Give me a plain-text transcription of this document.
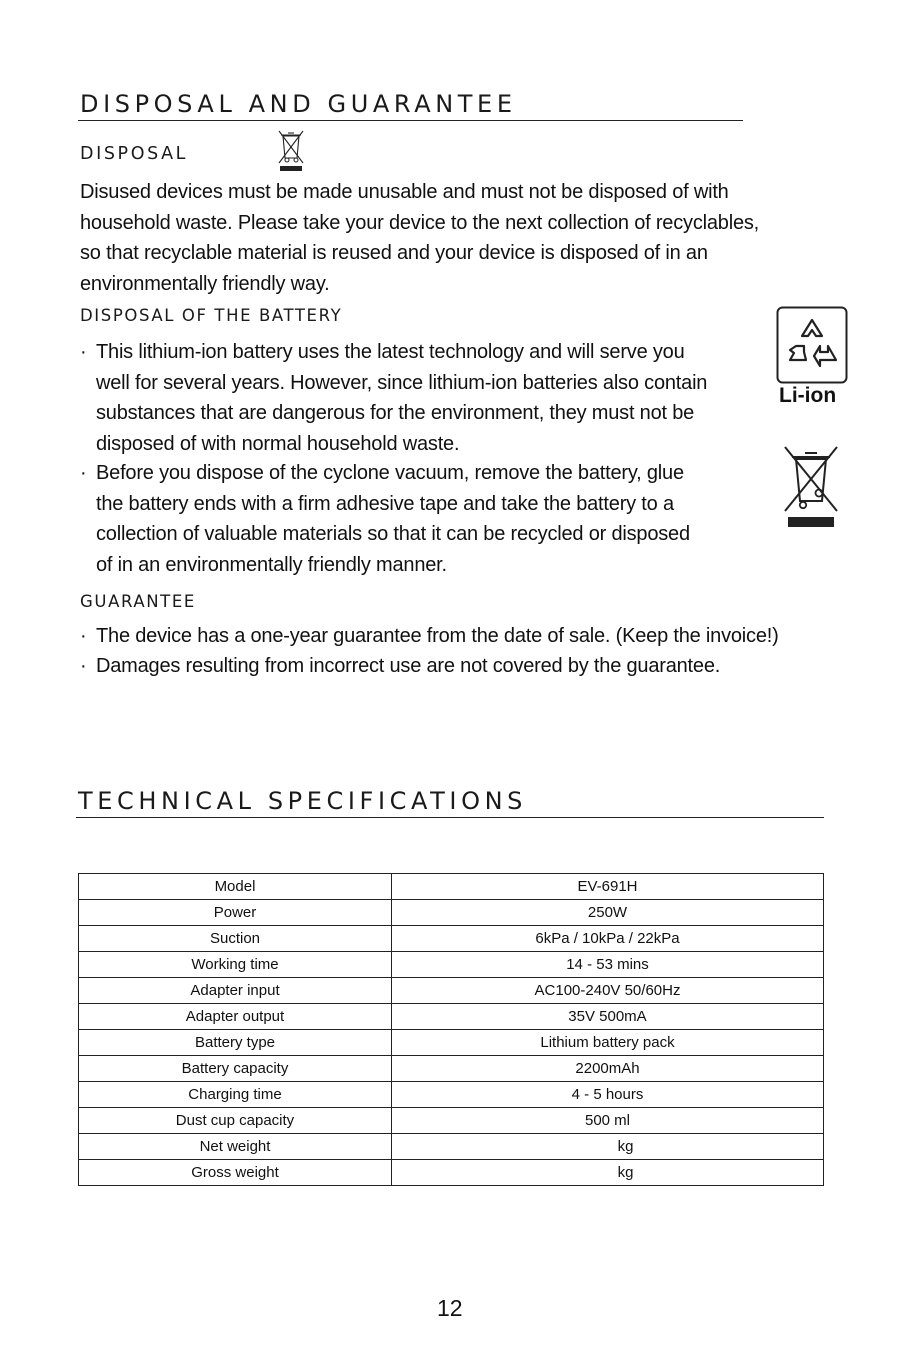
DISPOSAL AND GUARANTEE
DISPOSAL
Disused devices must be made unusable and must not be disposed of with
household waste. Please take your device to the next collection of recyclables,
so that recyclable material is reused and your device is disposed of in an
environmentally friendly way.
DISPOSAL OF THE BATTERY
· This lithium-ion battery uses the latest technology and will serve you
well for several years. However, since lithium-ion batteries also contain
substances that are dangerous for the environment, they must not be
disposed of with normal household waste.
· Before you dispose of the cyclone vacuum, remove the battery, glue
the battery ends with a firm adhesive tape and take the battery to a
collection of valuable materials so that it can be recycled or disposed
of in an environmentally friendly manner.
Li-ion
GUARANTEE
· The device has a one-year guarantee from the date of sale. (Keep the invoice!)
· Damages resulting from incorrect use are not covered by the guarantee.
TECHNICAL SPECIFICATIONS
Model	EV-691H
Power	250W
Suction	6kPa / 10kPa / 22kPa
Working time	14 - 53 mins
Adapter input	AC100-240V 50/60Hz
Adapter output	35V 500mA
Battery type	Lithium battery pack
Battery capacity	2200mAh
Charging time	4 - 5 hours
Dust cup capacity	500 ml
Net weight	kg
Gross weight	kg
12
